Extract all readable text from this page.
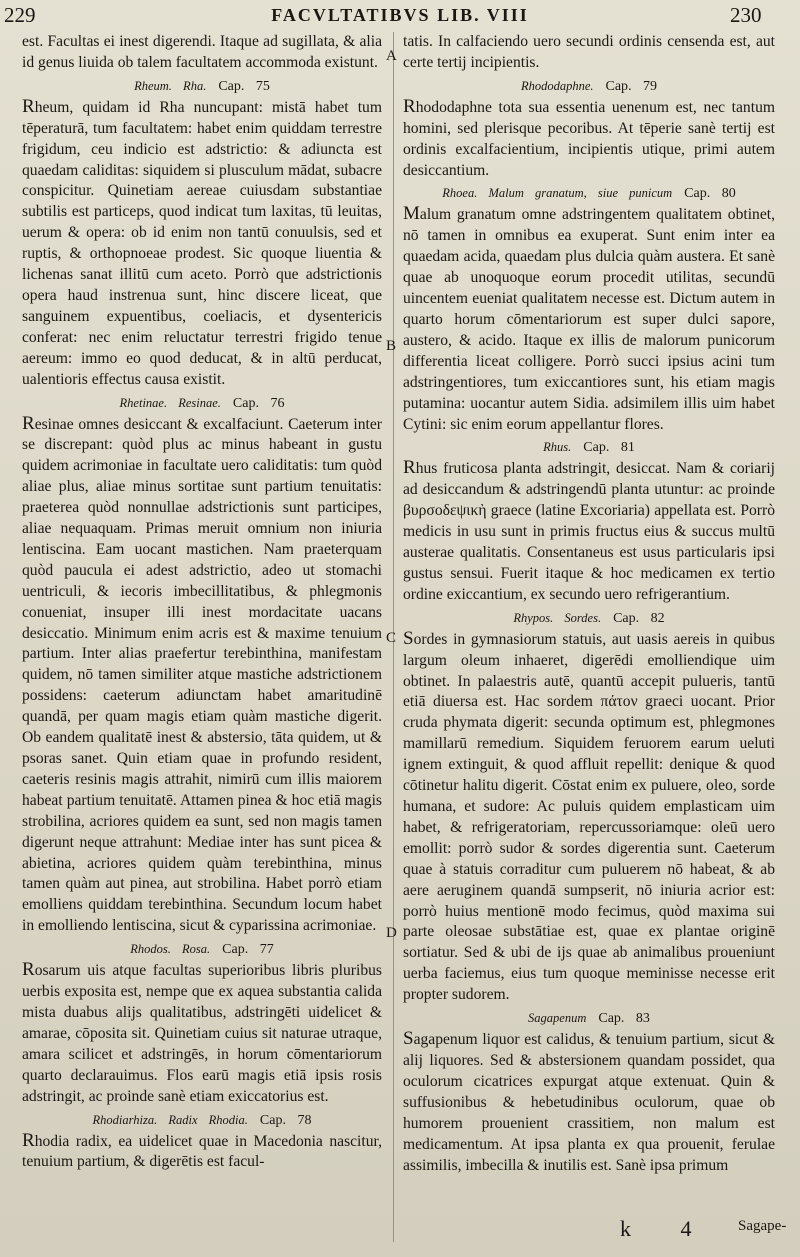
229	FACVLTATIBVS LIB. VIII	230
A
B
C
D

est. Facultas ei inest digerendi. Itaque ad sugillata, & alia id genus liuida ob talem facultatem accommoda existunt.

Rheum. Rha. Cap. 75

Rheum, quidam id Rha nuncupant: mistā habet tum tēperaturā, tum facultatem: habet enim quiddam terrestre frigidum, ceu indicio est adstrictio: & adiuncta est quaedam caliditas: siquidem si plusculum mādat, subacre conspicitur. Quinetiam aereae cuiusdam substantiae subtilis est particeps, quod indicat tum laxitas, tū leuitas, uerum & opera: ob id enim non tantū conuulsis, sed et ruptis, & orthopnoeae prodest. Sic quoque liuentia & lichenas sanat illitū cum aceto. Porrò que adstrictionis opera haud instrenua sunt, hinc discere liceat, que sanguinem expuentibus, coeliacis, et dysentericis conferat: nec enim reluctatur terrestri frigido tenue aereum: immo eo quod deducat, & in altū perducat, ualentioris effectus causa existit.

Rhetinae. Resinae. Cap. 76

Resinae omnes desiccant & excalfaciunt. Caeterum inter se discrepant: quòd plus ac minus habeant in gustu quidem acrimoniae in facultate uero caliditatis: tum quòd aliae plus, aliae minus sortitae sunt partium tenuitatis: praeterea quòd nonnullae adstrictionis sunt participes, aliae nequaquam. Primas meruit omnium non iniuria lentiscina. Eam uocant mastichen. Nam praeterquam quòd paucula ei adest adstrictio, adeo ut stomachi uentriculi, & iecoris imbecillitatibus, & phlegmonis conueniat, insuper illi inest mordacitate uacans desiccatio. Minimum enim acris est & maxime tenuium partium. Inter alias praefertur terebinthina, manifestam quidem, nō tamen similiter atque mastiche adstrictionem possidens: caeterum adiunctam habet amaritudinē quandā, per quam magis etiam quàm mastiche digerit. Ob eandem qualitatē inest & abstersio, tāta quidem, ut & psoras sanet. Quin etiam quae in profundo resident, caeteris resinis magis attrahit, nimirū cum illis maiorem habeat partium tenuitatē. Attamen pinea & hoc etiā magis strobilina, acriores quidem ea sunt, sed non magis tamen digerunt neque attrahunt: Mediae inter has sunt picea & abietina, acriores quidem quàm terebinthina, minus tamen quàm aut pinea, aut strobilina. Habet porrò etiam emolliens quiddam terebinthina. Secundum locum habet in emolliendo lentiscina, sicut & cyparissina acrimoniae.

Rhodos. Rosa. Cap. 77

Rosarum uis atque facultas superioribus libris pluribus uerbis exposita est, nempe que ex aquea substantia calida mista duabus alijs qualitatibus, adstringēti uidelicet & amarae, cōposita sit. Quinetiam cuius sit naturae utraque, amara scilicet et adstringēs, in horum cōmentariorum quarto declarauimus. Flos earū magis etiā ipsis rosis adstringit, ac proinde sanè etiam exiccatorius est.

Rhodiarhiza. Radix Rhodia. Cap. 78

Rhodia radix, ea uidelicet quae in Macedonia nascitur, tenuium partium, & digerētis est facul-

tatis. In calfaciendo uero secundi ordinis censenda est, aut certe tertij incipientis.

Rhododaphne. Cap. 79

Rhododaphne tota sua essentia uenenum est, nec tantum homini, sed plerisque pecoribus. At tēperie sanè tertij est ordinis excalfacientium, incipientis utique, primi autem desiccantium.

Rhoea. Malum granatum, siue punicum Cap. 80

Malum granatum omne adstringentem qualitatem obtinet, nō tamen in omnibus ea exuperat. Sunt enim inter ea quaedam acida, quaedam plus dulcia quàm austera. Et sanè quae ab unoquoque eorum procedit utilitas, secundū uincentem eueniat qualitatem necesse est. Dictum autem in quarto horum cōmentariorum est super dulci sapore, austero, & acido. Itaque ex illis de malorum punicorum differentia liceat colligere. Porrò succi ipsius acini tum adstringentiores, tum exiccantiores sunt, his etiam magis putamina: uocantur autem Sidia. adsimilem illis uim habet Cytini: sic enim eorum appellantur flores.

Rhus. Cap. 81

Rhus fruticosa planta adstringit, desiccat. Nam & coriarij ad desiccandum & adstringendū planta utuntur: ac proinde βυρσοδεψικὴ graece (latine Excoriaria) appellata est. Porrò medicis in usu sunt in primis fructus eius & succus multū austerae qualitatis. Consentaneus est usus particularis ipsi gustus sensui. Fuerit itaque & hoc medicamen ex tertio ordine exiccantium, ex secundo uero refrigerantium.

Rhypos. Sordes. Cap. 82

Sordes in gymnasiorum statuis, aut uasis aereis in quibus largum oleum inhaeret, digerēdi emolliendique uim obtinet. In palaestris autē, quantū accepit pulueris, tantū etiā diuersa est. Hac sordem πάτον graeci uocant. Prior cruda phymata digerit: secunda optimum est, phlegmones mamillarū remedium. Siquidem feruorem earum ueluti ignem extinguit, & quod affluit repellit: denique & quod cōtinetur halitu digerit. Cōstat enim ex puluere, oleo, sorde humana, et sudore: Ac puluis quidem emplasticam uim habet, & refrigeratoriam, repercussoriamque: oleū uero emollit: porrò sudor & sordes digerentia sunt. Caeterum quae à statuis corraditur cum puluerem nō habeat, & ab aere aeruginem quandā sumpserit, nō iniuria acrior est: porrò huius mentionē modo fecimus, quòd maxima sui parte oleosae substātiae est, quae ex plantae originē sortiatur. Sed & ubi de ijs quae ab animalibus proueniunt uerba faciemus, eius tum quoque meminisse necesse erit propter sudorem.

Sagapenum Cap. 83

Sagapenum liquor est calidus, & tenuium partium, sicut & alij liquores. Sed & abstersionem quandam possidet, qua oculorum cicatrices expurgat atque extenuat. Quin & suffusionibus & hebetudinibus oculorum, quae ob humorem prouenient crassitiem, non malum est medicamentum. At ipsa planta ex qua prouenit, ferulae assimilis, imbecilla & inutilis est. Sanè ipsa primum

k 4 Sagape-
